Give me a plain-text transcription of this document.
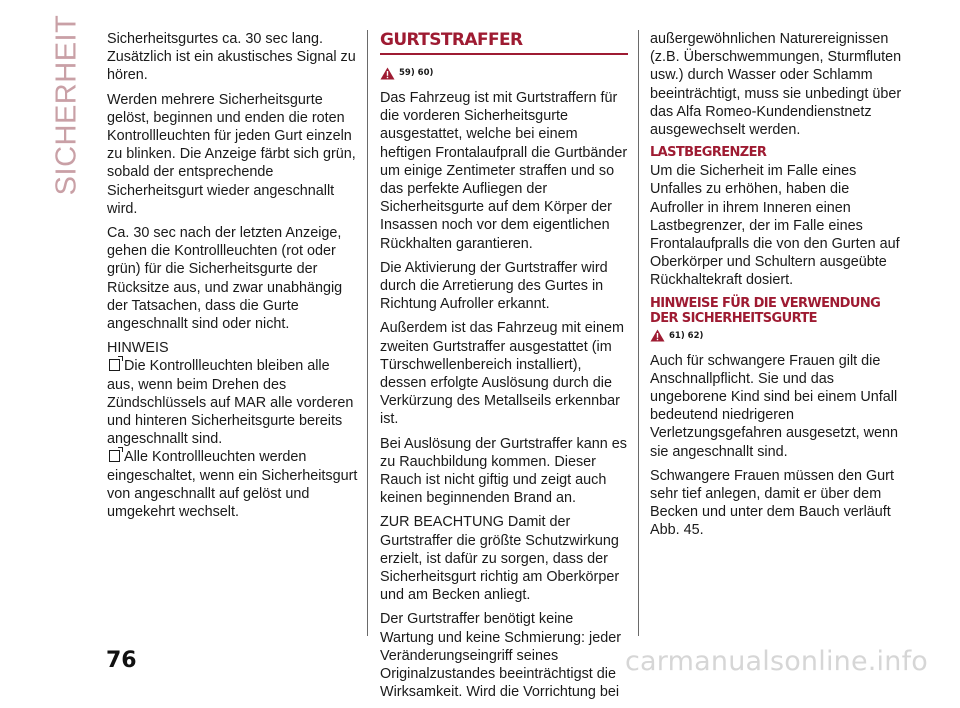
SICHERHEIT Sicherheitsgurtes ca. 30 sec lang. Zusätzlich ist ein akustisches Signal zu hören.

Werden mehrere Sicherheitsgurte gelöst, beginnen und enden die roten Kontrollleuchten für jeden Gurt einzeln zu blinken. Die Anzeige färbt sich grün, sobald der entsprechende Sicherheitsgurt wieder angeschnallt wird.

Ca. 30 sec nach der letzten Anzeige, gehen die Kontrollleuchten (rot oder grün) für die Sicherheitsgurte der Rücksitze aus, und zwar unabhängig der Tatsachen, dass die Gurte angeschnallt sind oder nicht.

HINWEIS

Die Kontrollleuchten bleiben alle aus, wenn beim Drehen des Zündschlüssels auf MAR alle vorderen und hinteren Sicherheitsgurte bereits angeschnallt sind.

Alle Kontrollleuchten werden eingeschaltet, wenn ein Sicherheitsgurt von angeschnallt auf gelöst und umgekehrt wechselt.

GURTSTRAFFER
59) 60)

Das Fahrzeug ist mit Gurtstraffern für die vorderen Sicherheitsgurte ausgestattet, welche bei einem heftigen Frontalaufprall die Gurtbänder um einige Zentimeter straffen und so das perfekte Aufliegen der Sicherheitsgurte auf dem Körper der Insassen noch vor dem eigentlichen Rückhalten garantieren.

Die Aktivierung der Gurtstraffer wird durch die Arretierung des Gurtes in Richtung Aufroller erkannt.

Außerdem ist das Fahrzeug mit einem zweiten Gurtstraffer ausgestattet (im Türschwellenbereich installiert), dessen erfolgte Auslösung durch die Verkürzung des Metallseils erkennbar ist.

Bei Auslösung der Gurtstraffer kann es zu Rauchbildung kommen. Dieser Rauch ist nicht giftig und zeigt auch keinen beginnenden Brand an.

ZUR BEACHTUNG Damit der Gurtstraffer die größte Schutzwirkung erzielt, ist dafür zu sorgen, dass der Sicherheitsgurt richtig am Oberkörper und am Becken anliegt.

Der Gurtstraffer benötigt keine Wartung und keine Schmierung: jeder Veränderungseingriff seines Originalzustandes beeinträchtigst die Wirksamkeit. Wird die Vorrichtung bei

außergewöhnlichen Naturereignissen (z.B. Überschwemmungen, Sturmfluten usw.) durch Wasser oder Schlamm beeinträchtigt, muss sie unbedingt über das Alfa Romeo-Kundendienstnetz ausgewechselt werden.

LASTBEGRENZER

Um die Sicherheit im Falle eines Unfalles zu erhöhen, haben die Aufroller in ihrem Inneren einen Lastbegrenzer, der im Falle eines Frontalaufpralls die von den Gurten auf Oberkörper und Schultern ausgeübte Rückhaltekraft dosiert.

HINWEISE FÜR DIE VERWENDUNG DER SICHERHEITSGURTE
61) 62)

Auch für schwangere Frauen gilt die Anschnallpflicht. Sie und das ungeborene Kind sind bei einem Unfall bedeutend niedrigeren Verletzungsgefahren ausgesetzt, wenn sie angeschnallt sind.

Schwangere Frauen müssen den Gurt sehr tief anlegen, damit er über dem Becken und unter dem Bauch verläuft Abb. 45.

76	carmanualsonline.info
